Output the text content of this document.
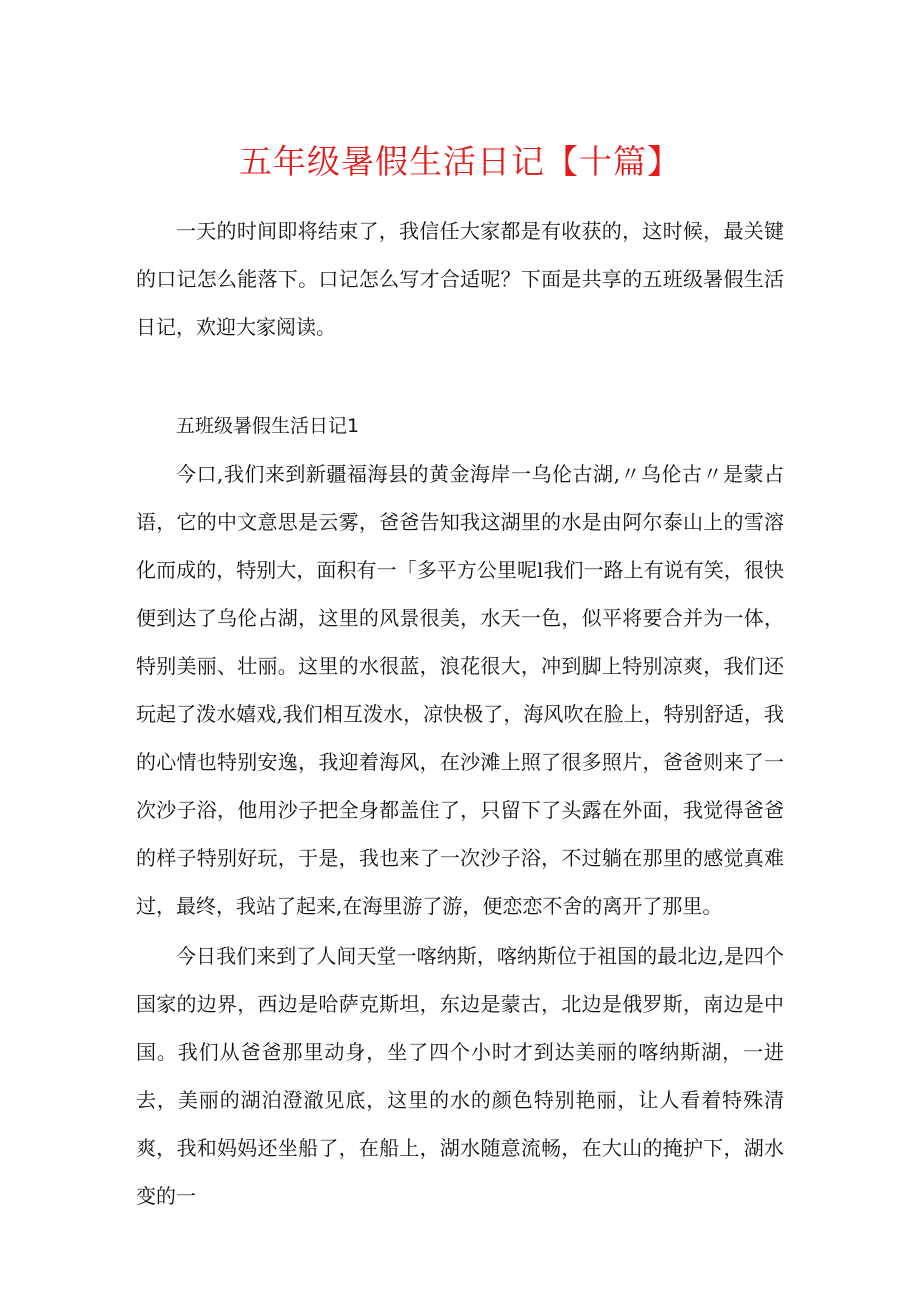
五年级暑假生活日记【十篇】

一天的时间即将结束了，我信任大家都是有收获的，这时候，最关键的口记怎么能落下。口记怎么写才合适呢？下面是共享的五班级暑假生活日记，欢迎大家阅读。

五班级暑假生活日记1

今口,我们来到新疆福海县的黄金海岸一乌伦古湖,〃乌伦古〃是蒙占语，它的中文意思是云雾，爸爸告知我这湖里的水是由阿尔泰山上的雪溶化而成的，特别大，面积有一「多平方公里呢l我们一路上有说有笑，很快便到达了乌伦占湖，这里的风景很美，水天一色，似平将要合并为一体，特别美丽、壮丽。这里的水很蓝，浪花很大，冲到脚上特别凉爽，我们还玩起了泼水嬉戏,我们相互泼水，凉快极了，海风吹在脸上，特别舒适，我的心情也特别安逸，我迎着海风，在沙滩上照了很多照片，爸爸则来了一次沙子浴，他用沙子把全身都盖住了，只留下了头露在外面，我觉得爸爸的样子特别好玩，于是，我也来了一次沙子浴，不过躺在那里的感觉真难过，最终，我站了起来,在海里游了游，便恋恋不舍的离开了那里。

今日我们来到了人间天堂一喀纳斯，喀纳斯位于祖国的最北边,是四个国家的边界，西边是哈萨克斯坦，东边是蒙古，北边是俄罗斯，南边是中国。我们从爸爸那里动身，坐了四个小时才到达美丽的喀纳斯湖，一进去，美丽的湖泊澄澈见底，这里的水的颜色特别艳丽，让人看着特殊清爽，我和妈妈还坐船了，在船上，湖水随意流畅，在大山的掩护下，湖水变的一
